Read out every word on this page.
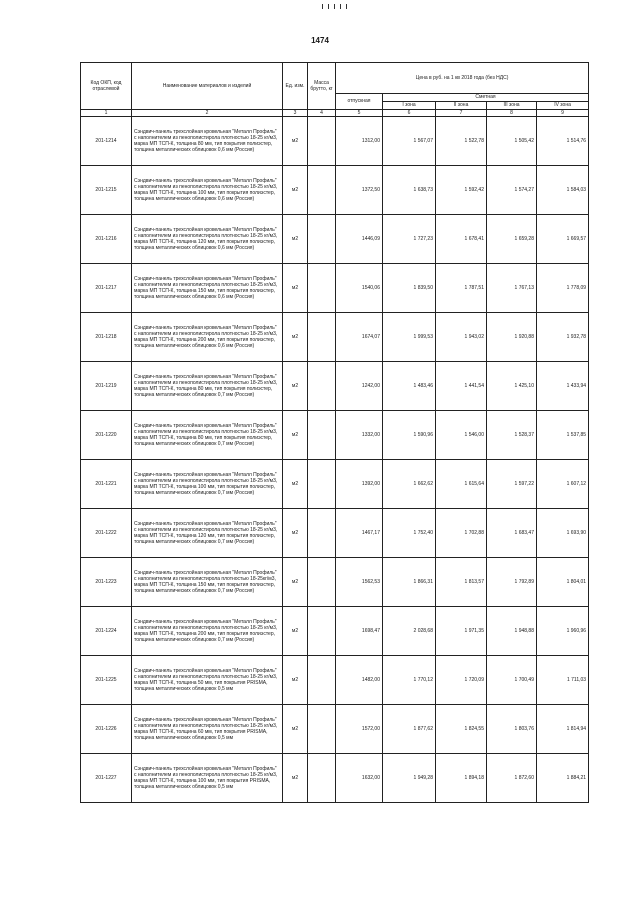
1474
Код ОКП, код отраслевой	Наименование материалов и изделий	Ед. изм.	Масса брутто, кг	Цена в руб. на 1 кв 2018 года (без НДС)				
				отпускная	Сметная			
					I зона	II зона	III зона	IV зона
1	2	3	4	5	6	7	8	9
201-1214	Сэндвич-панель трехслойная кровельная "Металл Профиль" с наполнителем из пенополистирола плотностью 18-25 кг/м3, марка МП ТСП-К, толщина 80 мм, тип покрытия полиэстер, толщина металлических облицовок 0,6 мм (Россия)	м2		1312,00	1 567,07	1 522,78	1 505,42	1 514,76
201-1215	Сэндвич-панель трехслойная кровельная "Металл Профиль" с наполнителем из пенополистирола плотностью 18-25 кг/м3, марка МП ТСП-К, толщина 100 мм, тип покрытия полиэстер, толщина металлических облицовок 0,6 мм (Россия)	м2		1372,50	1 638,73	1 592,42	1 574,27	1 584,03
201-1216	Сэндвич-панель трехслойная кровельная "Металл Профиль" с наполнителем из пенополистирола плотностью 18-25 кг/м3, марка МП ТСП-К, толщина 120 мм, тип покрытия полиэстер, толщина металлических облицовок 0,6 мм (Россия)	м2		1446,09	1 727,23	1 678,41	1 659,28	1 669,57
201-1217	Сэндвич-панель трехслойная кровельная "Металл Профиль" с наполнителем из пенополистирола плотностью 18-25 кг/м3, марка МП ТСП-К, толщина 150 мм, тип покрытия полиэстер, толщина металлических облицовок 0,6 мм (Россия)	м2		1540,06	1 839,50	1 787,51	1 767,13	1 778,09
201-1218	Сэндвич-панель трехслойная кровельная "Металл Профиль" с наполнителем из пенополистирола плотностью 18-25 кг/м3, марка МП ТСП-К, толщина 200 мм, тип покрытия полиэстер, толщина металлических облицовок 0,6 мм (Россия)	м2		1674,07	1 999,53	1 943,02	1 920,88	1 932,78
201-1219	Сэндвич-панель трехслойная кровельная "Металл Профиль" с наполнителем из пенополистирола плотностью 18-25 кг/м3, марка МП ТСП-К, толщина 80 мм, тип покрытия полиэстер, толщина металлических облицовок 0,7 мм (Россия)	м2		1242,00	1 483,46	1 441,54	1 425,10	1 433,94
201-1220	Сэндвич-панель трехслойная кровельная "Металл Профиль" с наполнителем из пенополистирола плотностью 18-25 кг/м3, марка МП ТСП-К, толщина 80 мм, тип покрытия полиэстер, толщина металлических облицовок 0,7 мм (Россия)	м2		1332,00	1 590,96	1 546,00	1 528,37	1 537,85
201-1221	Сэндвич-панель трехслойная кровельная "Металл Профиль" с наполнителем из пенополистирола плотностью 18-25 кг/м3, марка МП ТСП-К, толщина 100 мм, тип покрытия полиэстер, толщина металлических облицовок 0,7 мм (Россия)	м2		1392,00	1 662,62	1 615,64	1 597,22	1 607,12
201-1222	Сэндвич-панель трехслойная кровельная "Металл Профиль" с наполнителем из пенополистирола плотностью 18-25 кг/м3, марка МП ТСП-К, толщина 120 мм, тип покрытия полиэстер, толщина металлических облицовок 0,7 мм (Россия)	м2		1467,17	1 752,40	1 702,88	1 683,47	1 693,90
201-1223	Сэндвич-панель трехслойная кровельная "Металл Профиль" с наполнителем из пенополистирола плотностью 18-25кг/м3, марка МП ТСП-К, толщина 150 мм, тип покрытия полиэстер, толщина металлических облицовок 0,7 мм (Россия)	м2		1562,53	1 866,31	1 813,57	1 792,89	1 804,01
201-1224	Сэндвич-панель трехслойная кровельная "Металл Профиль" с наполнителем из пенополистирола плотностью 18-25 кг/м3, марка МП ТСП-К, толщина 200 мм, тип покрытия полиэстер, толщина металлических облицовок 0,7 мм (Россия)	м2		1698,47	2 028,68	1 971,35	1 948,88	1 960,96
201-1225	Сэндвич-панель трехслойная кровельная "Металл Профиль" с наполнителем из пенополистирола плотностью 18-25 кг/м3, марка МП ТСП-К, толщина 50 мм, тип покрытия PRISMA, толщина металлических облицовок 0,5 мм	м2		1482,00	1 770,12	1 720,09	1 700,49	1 711,03
201-1226	Сэндвич-панель трехслойная кровельная "Металл Профиль" с наполнителем из пенополистирола плотностью 18-25 кг/м3, марка МП ТСП-К, толщина 60 мм, тип покрытия PRISMA, толщина металлических облицовок 0,5 мм	м2		1572,00	1 877,62	1 824,55	1 803,76	1 814,94
201-1227	Сэндвич-панель трехслойная кровельная "Металл Профиль" с наполнителем из пенополистирола плотностью 18-25 кг/м3, марка МП ТСП-К, толщина 100 мм, тип покрытия PRISMA, толщина металлических облицовок 0,5 мм	м2		1632,00	1 949,28	1 894,18	1 872,60	1 884,21
